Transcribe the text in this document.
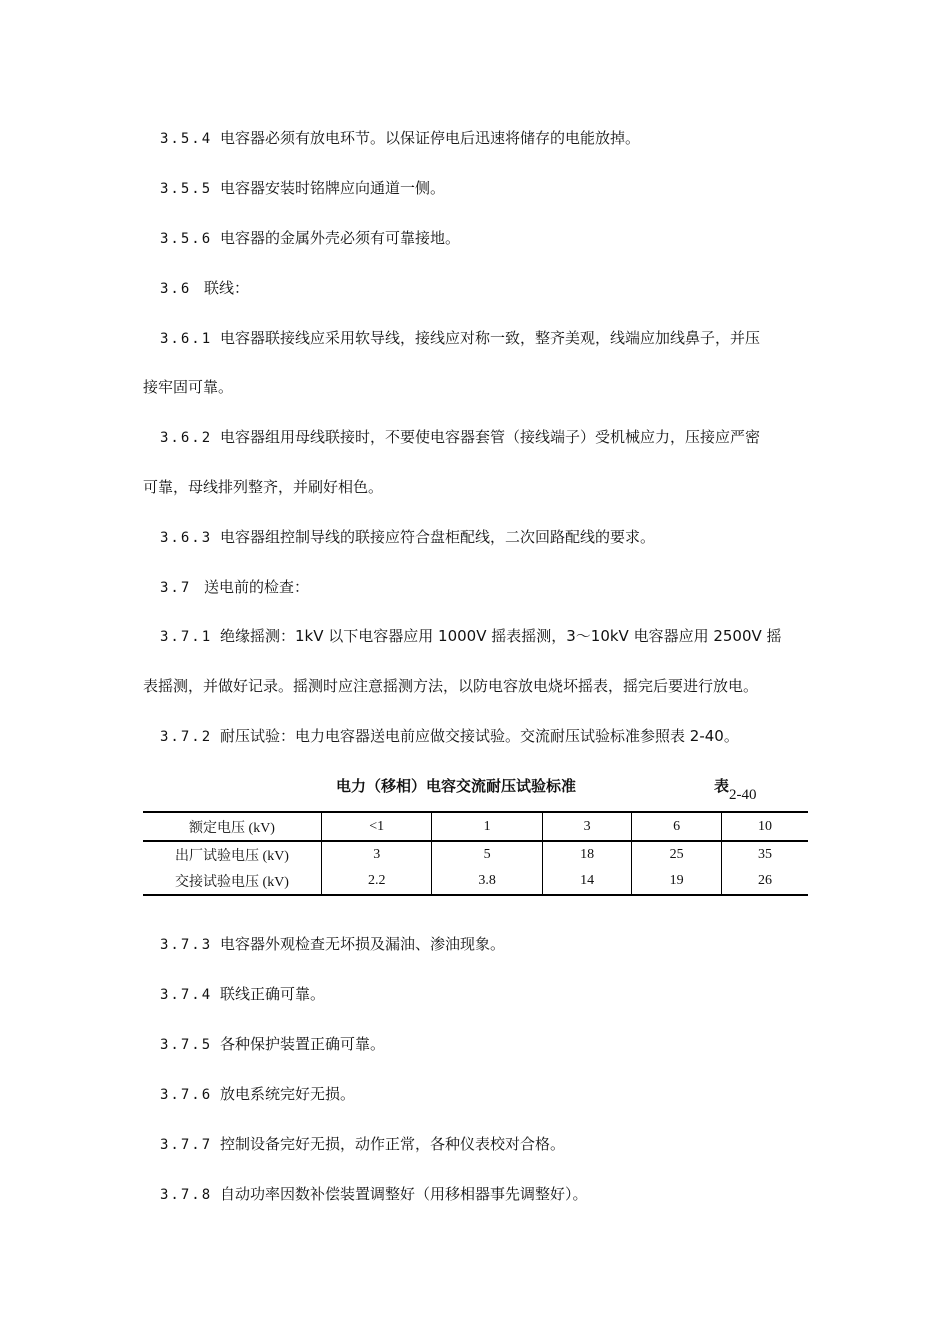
3.5.4 电容器必须有放电环节。以保证停电后迅速将储存的电能放掉。
3.5.5 电容器安装时铭牌应向通道一侧。
3.5.6 电容器的金属外壳必须有可靠接地。
3.6 联线：
3.6.1 电容器联接线应采用软导线，接线应对称一致，整齐美观，线端应加线鼻子，并压
接牢固可靠。
3.6.2 电容器组用母线联接时，不要使电容器套管（接线端子）受机械应力，压接应严密
可靠，母线排列整齐，并刷好相色。
3.6.3 电容器组控制导线的联接应符合盘柜配线，二次回路配线的要求。
3.7 送电前的检查：
3.7.1 绝缘摇测：1kV 以下电容器应用 1000V 摇表摇测，3～10kV 电容器应用 2500V 摇
表摇测，并做好记录。摇测时应注意摇测方法，以防电容放电烧坏摇表，摇完后要进行放电。
3.7.2 耐压试验：电力电容器送电前应做交接试验。交流耐压试验标准参照表 2-40。
电力（移相）电容交流耐压试验标准	表2-40
额定电压 (kV)	<1	1	3	6	10
出厂试验电压 (kV)	3	5	18	25	35
交接试验电压 (kV)	2.2	3.8	14	19	26
3.7.3 电容器外观检查无坏损及漏油、渗油现象。
3.7.4 联线正确可靠。
3.7.5 各种保护装置正确可靠。
3.7.6 放电系统完好无损。
3.7.7 控制设备完好无损，动作正常，各种仪表校对合格。
3.7.8 自动功率因数补偿装置调整好（用移相器事先调整好）。
